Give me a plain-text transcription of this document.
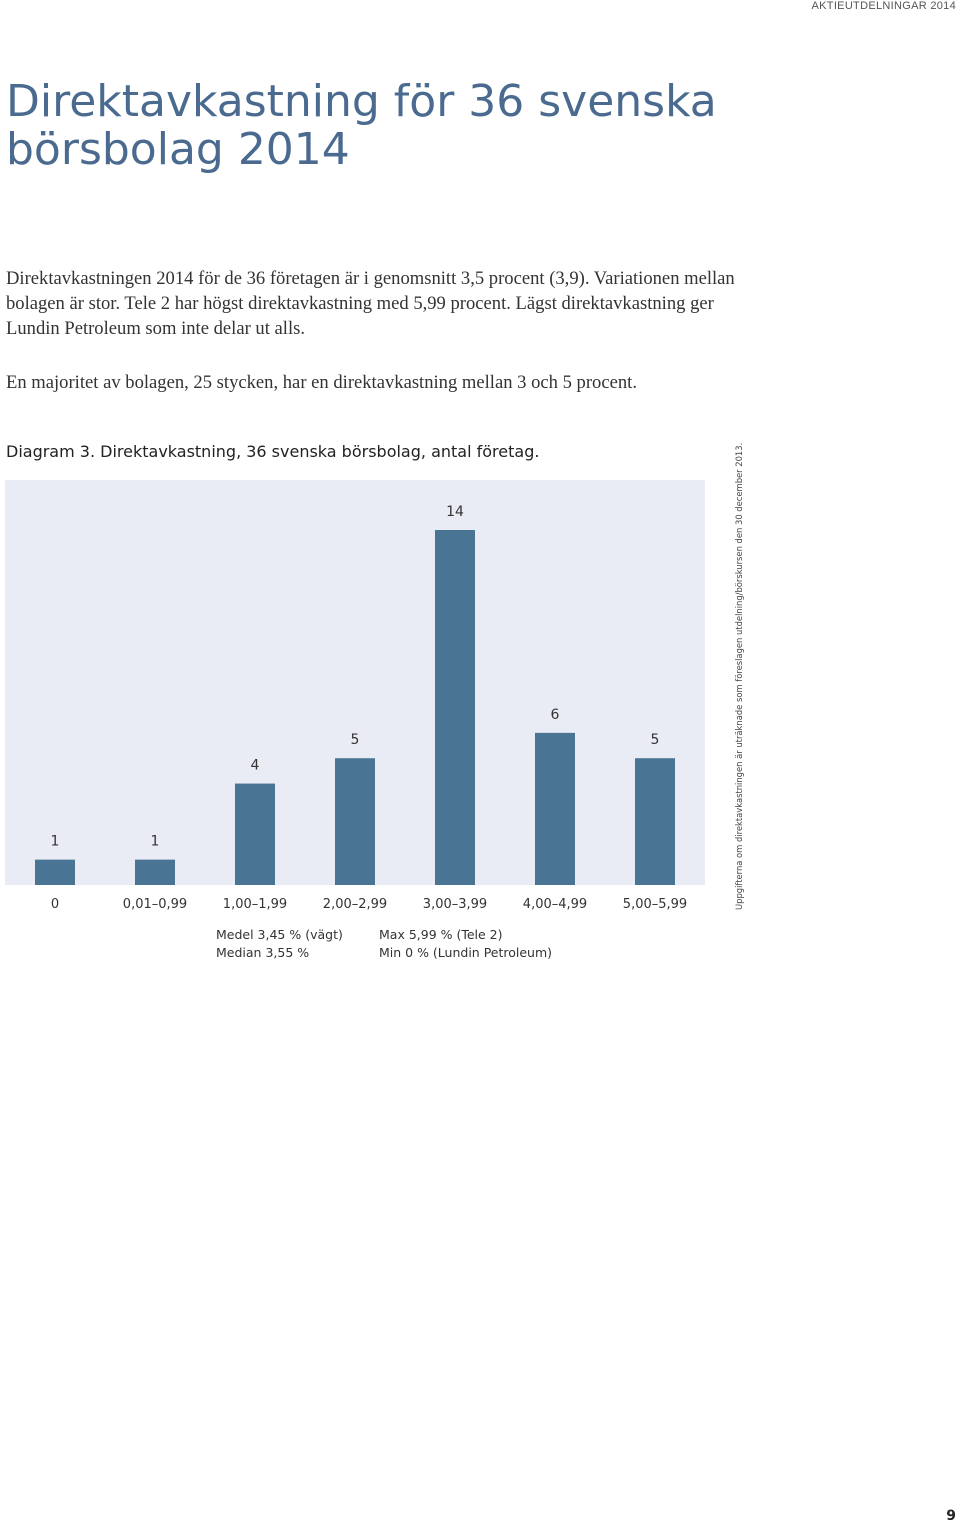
AKTIEUTDELNINGAR 2014
Direktavkastning för 36 svenska börsbolag 2014

Direktavkastningen 2014 för de 36 företagen är i genomsnitt 3,5 procent (3,9). Variationen mellan bolagen är stor. Tele 2 har högst direktavkastning med 5,99 procent. Lägst direktavkastning ger Lundin Petroleum som inte delar ut alls.

En majoritet av bolagen, 25 stycken, har en direktavkastning mellan 3 och 5 procent.

Diagram 3. Direktavkastning, 36 svenska börsbolag, antal företag.
1
0
1
0,01–0,99
4
1,00–1,99
5
2,00–2,99
14
3,00–3,99
6
4,00–4,99
5
5,00–5,99
Medel 3,45 % (vägt)
Median 3,55 %
Max 5,99 % (Tele 2)
Min 0 % (Lundin Petroleum)
Uppgifterna om direktavkastningen är uträknade som föreslagen utdelning/börskursen den 30 december 2013.
9
